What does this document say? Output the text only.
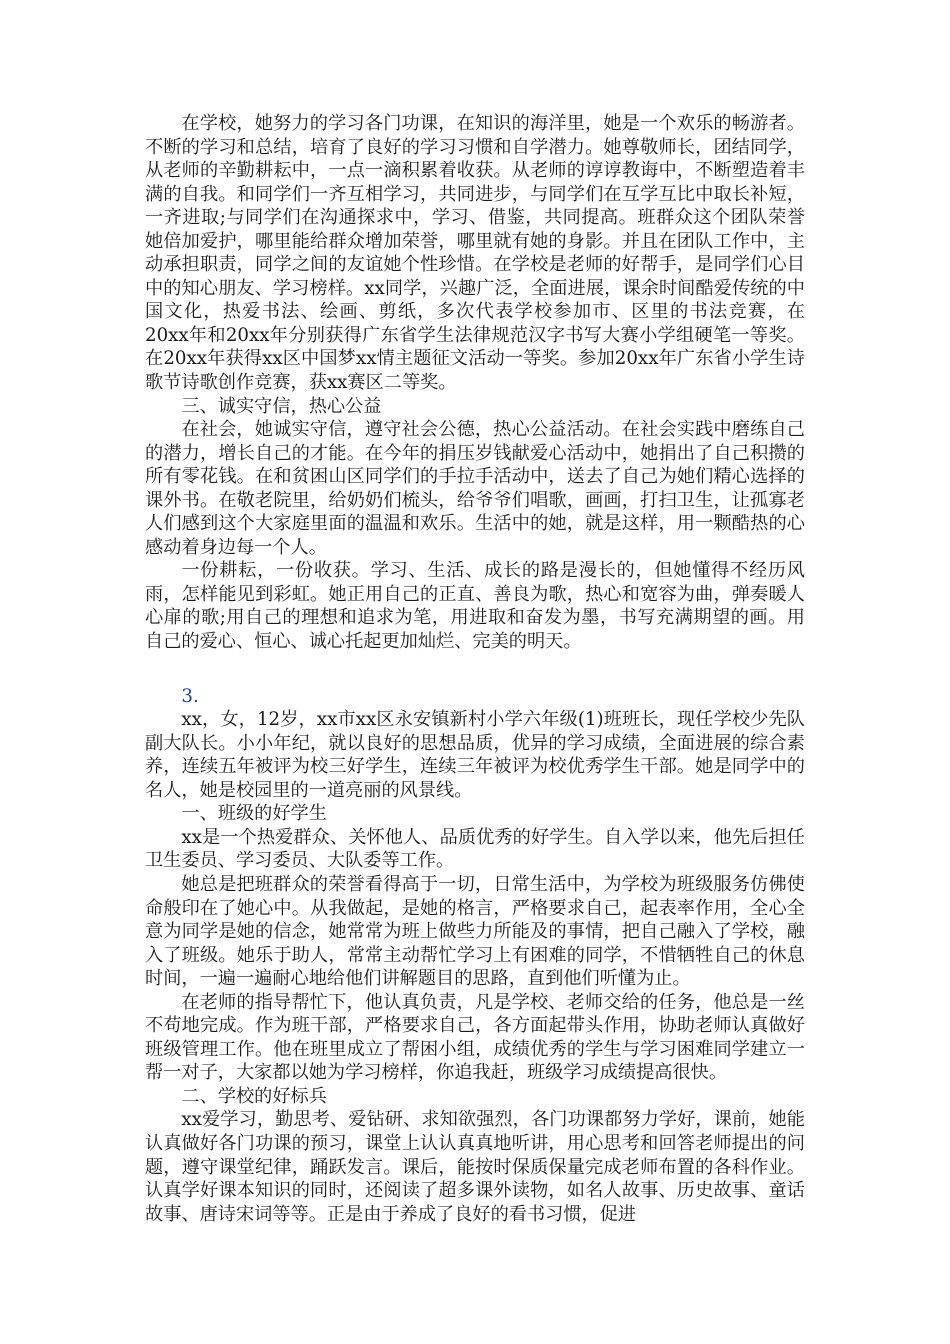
在学校，她努力的学习各门功课，在知识的海洋里，她是一个欢乐的畅游者。不断的学习和总结，培育了良好的学习习惯和自学潜力。她尊敬师长，团结同学，从老师的辛勤耕耘中，一点一滴积累着收获。从老师的谆谆教诲中，不断塑造着丰满的自我。和同学们一齐互相学习，共同进步，与同学们在互学互比中取长补短，一齐进取;与同学们在沟通探求中，学习、借鉴，共同提高。班群众这个团队荣誉她倍加爱护，哪里能给群众增加荣誉，哪里就有她的身影。并且在团队工作中，主动承担职责，同学之间的友谊她个性珍惜。在学校是老师的好帮手，是同学们心目中的知心朋友、学习榜样。xx同学，兴趣广泛，全面进展，课余时间酷爱传统的中国文化，热爱书法、绘画、剪纸，多次代表学校参加市、区里的书法竞赛，在20xx年和20xx年分别获得广东省学生法律规范汉字书写大赛小学组硬笔一等奖。在20xx年获得xx区中国梦xx情主题征文活动一等奖。参加20xx年广东省小学生诗歌节诗歌创作竞赛，获xx赛区二等奖。

三、诚实守信，热心公益

在社会，她诚实守信，遵守社会公德，热心公益活动。在社会实践中磨练自己的潜力，增长自己的才能。在今年的捐压岁钱献爱心活动中，她捐出了自己积攒的所有零花钱。在和贫困山区同学们的手拉手活动中，送去了自己为她们精心选择的课外书。在敬老院里，给奶奶们梳头，给爷爷们唱歌，画画，打扫卫生，让孤寡老人们感到这个大家庭里面的温温和欢乐。生活中的她，就是这样，用一颗酷热的心感动着身边每一个人。

一份耕耘，一份收获。学习、生活、成长的路是漫长的，但她懂得不经历风雨，怎样能见到彩虹。她正用自己的正直、善良为歌，热心和宽容为曲，弹奏暖人心扉的歌;用自己的理想和追求为笔，用进取和奋发为墨，书写充满期望的画。用自己的爱心、恒心、诚心托起更加灿烂、完美的明天。

3.

xx，女，12岁，xx市xx区永安镇新村小学六年级(1)班班长，现任学校少先队副大队长。小小年纪，就以良好的思想品质，优异的学习成绩，全面进展的综合素养，连续五年被评为校三好学生，连续三年被评为校优秀学生干部。她是同学中的名人，她是校园里的一道亮丽的风景线。

一、班级的好学生

xx是一个热爱群众、关怀他人、品质优秀的好学生。自入学以来，他先后担任卫生委员、学习委员、大队委等工作。

她总是把班群众的荣誉看得高于一切，日常生活中，为学校为班级服务仿佛使命般印在了她心中。从我做起，是她的格言，严格要求自己，起表率作用，全心全意为同学是她的信念，她常常为班上做些力所能及的事情，把自己融入了学校，融入了班级。她乐于助人，常常主动帮忙学习上有困难的同学，不惜牺牲自己的休息时间，一遍一遍耐心地给他们讲解题目的思路，直到他们听懂为止。

在老师的指导帮忙下，他认真负责，凡是学校、老师交给的任务，他总是一丝不苟地完成。作为班干部，严格要求自己，各方面起带头作用，协助老师认真做好班级管理工作。他在班里成立了帮困小组，成绩优秀的学生与学习困难同学建立一帮一对子，大家都以她为学习榜样，你追我赶，班级学习成绩提高很快。

二、学校的好标兵

xx爱学习，勤思考、爱钻研、求知欲强烈，各门功课都努力学好，课前，她能认真做好各门功课的预习，课堂上认认真真地听讲，用心思考和回答老师提出的问题，遵守课堂纪律，踊跃发言。课后，能按时保质保量完成老师布置的各科作业。认真学好课本知识的同时，还阅读了超多课外读物，如名人故事、历史故事、童话故事、唐诗宋词等等。正是由于养成了良好的看书习惯，促进
